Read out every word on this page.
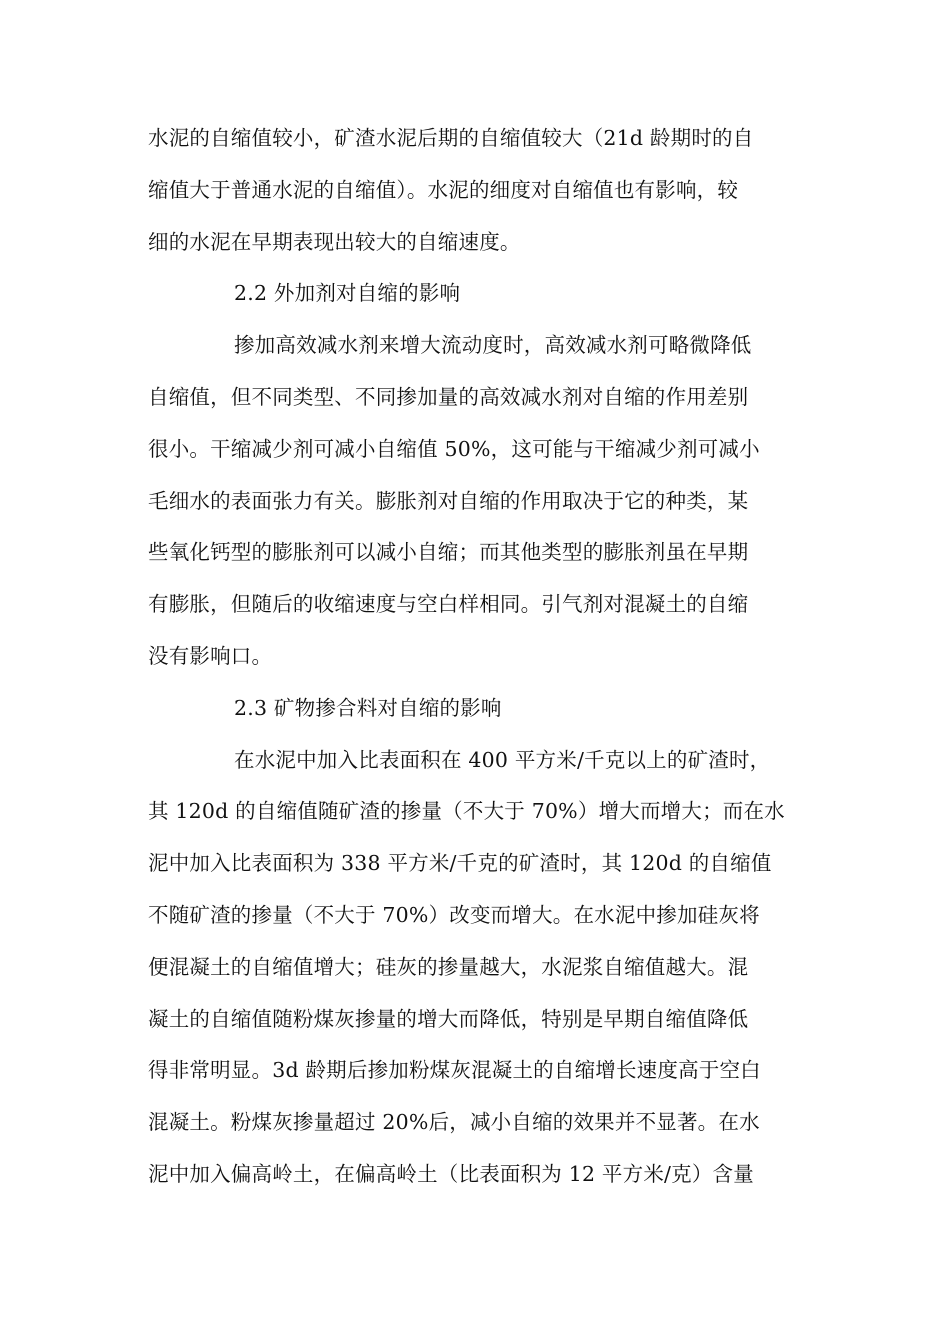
水泥的自缩值较小，矿渣水泥后期的自缩值较大（21d 龄期时的自
缩值大于普通水泥的自缩值）。水泥的细度对自缩值也有影响，较
细的水泥在早期表现出较大的自缩速度。
2.2 外加剂对自缩的影响
掺加高效减水剂来增大流动度时，高效减水剂可略微降低
自缩值，但不同类型、不同掺加量的高效减水剂对自缩的作用差别
很小。干缩减少剂可减小自缩值 50%，这可能与干缩减少剂可减小
毛细水的表面张力有关。膨胀剂对自缩的作用取决于它的种类，某
些氧化钙型的膨胀剂可以减小自缩；而其他类型的膨胀剂虽在早期
有膨胀，但随后的收缩速度与空白样相同。引气剂对混凝土的自缩
没有影响口。
2.3 矿物掺合料对自缩的影响
在水泥中加入比表面积在 400 平方米/千克以上的矿渣时，
其 120d 的自缩值随矿渣的掺量（不大于 70%）增大而增大；而在水
泥中加入比表面积为 338 平方米/千克的矿渣时，其 120d 的自缩值
不随矿渣的掺量（不大于 70%）改变而增大。在水泥中掺加硅灰将
便混凝土的自缩值增大；硅灰的掺量越大，水泥浆自缩值越大。混
凝土的自缩值随粉煤灰掺量的增大而降低，特别是早期自缩值降低
得非常明显。3d 龄期后掺加粉煤灰混凝土的自缩增长速度高于空白
混凝土。粉煤灰掺量超过 20%后，减小自缩的效果并不显著。在水
泥中加入偏高岭土，在偏高岭土（比表面积为 12 平方米/克）含量
